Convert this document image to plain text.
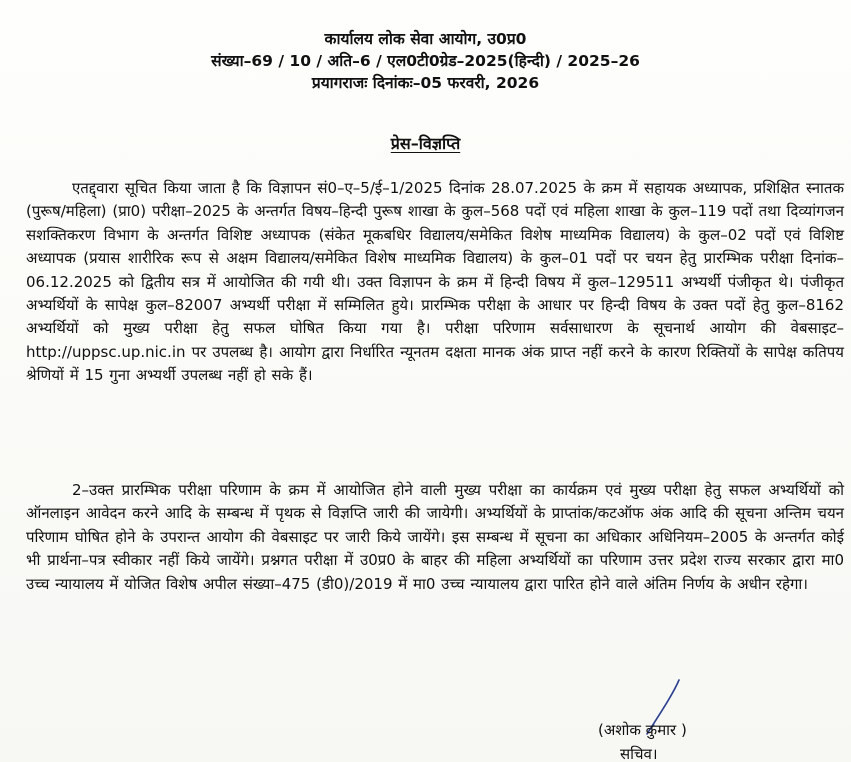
कार्यालय लोक सेवा आयोग, उ0प्र0
संख्या–69 / 10 / अति–6 / एल0टी0ग्रेड–2025(हिन्दी) / 2025–26
प्रयागराजः दिनांकः–05 फरवरी, 2026
प्रेस–विज्ञप्ति
एतद्द्वारा सूचित किया जाता है कि विज्ञापन सं0–ए–5/ई–1/2025 दिनांक 28.07.2025 के क्रम में सहायक अध्यापक, प्रशिक्षित स्नातक (पुरूष/महिला) (प्रा0) परीक्षा–2025 के अन्तर्गत विषय–हिन्दी पुरूष शाखा के कुल–568 पदों एवं महिला शाखा के कुल–119 पदों तथा दिव्यांगजन सशक्तिकरण विभाग के अन्तर्गत विशिष्ट अध्यापक (संकेत मूकबधिर विद्यालय/समेकित विशेष माध्यमिक विद्यालय) के कुल–02 पदों एवं विशिष्ट अध्यापक (प्रयास शारीरिक रूप से अक्षम विद्यालय/समेकित विशेष माध्यमिक विद्यालय) के कुल–01 पदों पर चयन हेतु प्रारम्भिक परीक्षा दिनांक–06.12.2025 को द्वितीय सत्र में आयोजित की गयी थी। उक्त विज्ञापन के क्रम में हिन्दी विषय में कुल–129511 अभ्यर्थी पंजीकृत थे। पंजीकृत अभ्यर्थियों के सापेक्ष कुल–82007 अभ्यर्थी परीक्षा में सम्मिलित हुये। प्रारम्भिक परीक्षा के आधार पर हिन्दी विषय के उक्त पदों हेतु कुल–8162 अभ्यर्थियों को मुख्य परीक्षा हेतु सफल घोषित किया गया है। परीक्षा परिणाम सर्वसाधारण के सूचनार्थ आयोग की वेबसाइट–http://uppsc.up.nic.in पर उपलब्ध है। आयोग द्वारा निर्धारित न्यूनतम दक्षता मानक अंक प्राप्त नहीं करने के कारण रिक्तियों के सापेक्ष कतिपय श्रेणियों में 15 गुना अभ्यर्थी उपलब्ध नहीं हो सके हैं।
2–उक्त प्रारम्भिक परीक्षा परिणाम के क्रम में आयोजित होने वाली मुख्य परीक्षा का कार्यक्रम एवं मुख्य परीक्षा हेतु सफल अभ्यर्थियों को ऑनलाइन आवेदन करने आदि के सम्बन्ध में पृथक से विज्ञप्ति जारी की जायेगी। अभ्यर्थियों के प्राप्तांक/कटऑफ अंक आदि की सूचना अन्तिम चयन परिणाम घोषित होने के उपरान्त आयोग की वेबसाइट पर जारी किये जायेंगे। इस सम्बन्ध में सूचना का अधिकार अधिनियम–2005 के अन्तर्गत कोई भी प्रार्थना–पत्र स्वीकार नहीं किये जायेंगे। प्रश्नगत परीक्षा में उ0प्र0 के बाहर की महिला अभ्यर्थियों का परिणाम उत्तर प्रदेश राज्य सरकार द्वारा मा0 उच्च न्यायालय में योजित विशेष अपील संख्या–475 (डी0)/2019 में मा0 उच्च न्यायालय द्वारा पारित होने वाले अंतिम निर्णय के अधीन रहेगा।
(अशोक कुमार )
सचिव।
